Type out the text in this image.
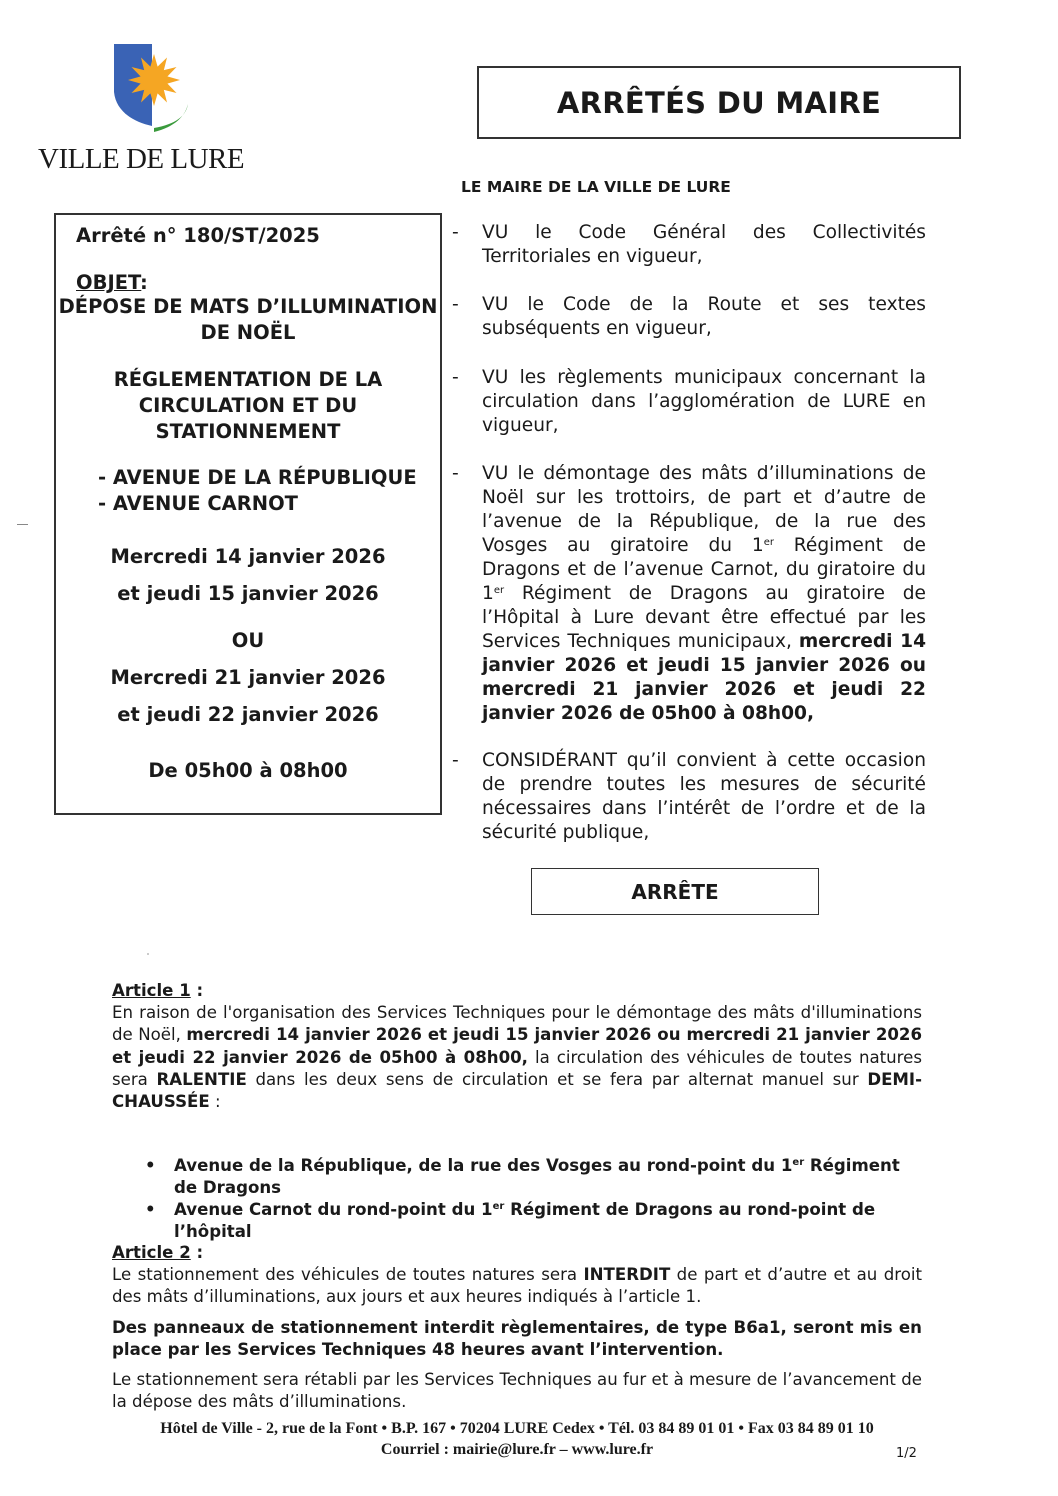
VILLE DE LURE
ARRÊTÉS DU MAIRE
LE MAIRE DE LA VILLE DE LURE
Arrêté n° 180/ST/2025
OBJET
:
DÉPOSE DE MATS D’ILLUMINATION
DE NOËL
RÉGLEMENTATION DE LA
CIRCULATION ET DU
STATIONNEMENT
- AVENUE DE LA RÉPUBLIQUE
- AVENUE CARNOT
Mercredi 14 janvier 2026
et jeudi 15 janvier 2026
OU
Mercredi 21 janvier 2026
et jeudi 22 janvier 2026
De 05h00 à 08h00
-	VU le Code Général des Collectivités Territoriales en vigueur,
-	VU le Code de la Route et ses textes subséquents en vigueur,
-	VU les règlements municipaux concernant la circulation dans l’agglomération de LURE en vigueur,
-	VU le démontage des mâts d’illuminations de Noël sur les trottoirs, de part et d’autre de l’avenue de la République, de la rue des Vosges au giratoire du 1er Régiment de Dragons et de l’avenue Carnot, du giratoire du 1er Régiment de Dragons au giratoire de l’Hôpital à Lure devant être effectué par les Services Techniques municipaux, mercredi 14 janvier 2026 et jeudi 15 janvier 2026 ou mercredi 21 janvier 2026 et jeudi 22 janvier 2026 de 05h00 à 08h00,
-	CONSIDÉRANT qu’il convient à cette occasion de prendre toutes les mesures de sécurité nécessaires dans l’intérêt de l’ordre et de la sécurité publique,
ARRÊTE
Article 1 :

En raison de l'organisation des Services Techniques pour le démontage des mâts d'illuminations de Noël, mercredi 14 janvier 2026 et jeudi 15 janvier 2026 ou mercredi 21 janvier 2026 et jeudi 22 janvier 2026 de 05h00 à 08h00, la circulation des véhicules de toutes natures sera RALENTIE dans les deux sens de circulation et se fera par alternat manuel sur DEMI-CHAUSSÉE :

• Avenue de la République, de la rue des Vosges au rond-point du 1er Régiment de Dragons
• Avenue Carnot du rond-point du 1er Régiment de Dragons au rond-point de l’hôpital
Article 2 :

Le stationnement des véhicules de toutes natures sera INTERDIT de part et d’autre et au droit des mâts d’illuminations, aux jours et aux heures indiqués à l’article 1.

Des panneaux de stationnement interdit règlementaires, de type B6a1, seront mis en place par les Services Techniques 48 heures avant l’intervention.

Le stationnement sera rétabli par les Services Techniques au fur et à mesure de l’avancement de la dépose des mâts d’illuminations.

Hôtel de Ville - 2, rue de la Font • B.P. 167 • 70204 LURE Cedex • Tél. 03 84 89 01 01 • Fax 03 84 89 01 10
Courriel : mairie@lure.fr – www.lure.fr	1/2
